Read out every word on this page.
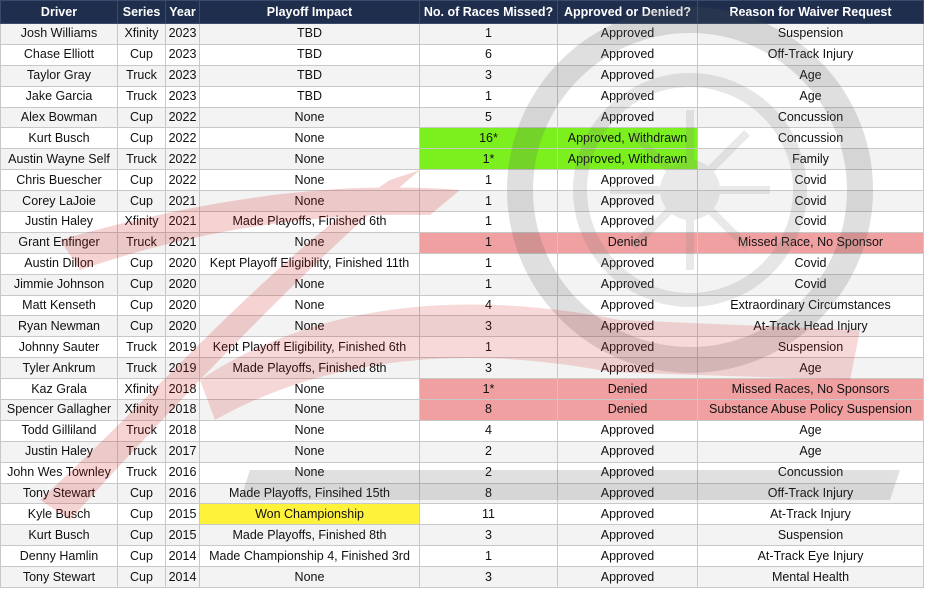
Driver	Series	Year	Playoff Impact	No. of Races Missed?	Approved or Denied?	Reason for Waiver Request
Josh Williams	Xfinity	2023	TBD	1	Approved	Suspension
Chase Elliott	Cup	2023	TBD	6	Approved	Off-Track Injury
Taylor Gray	Truck	2023	TBD	3	Approved	Age
Jake Garcia	Truck	2023	TBD	1	Approved	Age
Alex Bowman	Cup	2022	None	5	Approved	Concussion
Kurt Busch	Cup	2022	None	16*	Approved, Withdrawn	Concussion
Austin Wayne Self	Truck	2022	None	1*	Approved, Withdrawn	Family
Chris Buescher	Cup	2022	None	1	Approved	Covid
Corey LaJoie	Cup	2021	None	1	Approved	Covid
Justin Haley	Xfinity	2021	Made Playoffs, Finished 6th	1	Approved	Covid
Grant Enfinger	Truck	2021	None	1	Denied	Missed Race, No Sponsor
Austin Dillon	Cup	2020	Kept Playoff Eligibility, Finished 11th	1	Approved	Covid
Jimmie Johnson	Cup	2020	None	1	Approved	Covid
Matt Kenseth	Cup	2020	None	4	Approved	Extraordinary Circumstances
Ryan Newman	Cup	2020	None	3	Approved	At-Track Head Injury
Johnny Sauter	Truck	2019	Kept Playoff Eligibility, Finished 6th	1	Approved	Suspension
Tyler Ankrum	Truck	2019	Made Playoffs, Finished 8th	3	Approved	Age
Kaz Grala	Xfinity	2018	None	1*	Denied	Missed Races, No Sponsors
Spencer Gallagher	Xfinity	2018	None	8	Denied	Substance Abuse Policy Suspension
Todd Gilliland	Truck	2018	None	4	Approved	Age
Justin Haley	Truck	2017	None	2	Approved	Age
John Wes Townley	Truck	2016	None	2	Approved	Concussion
Tony Stewart	Cup	2016	Made Playoffs, Finsihed 15th	8	Approved	Off-Track Injury
Kyle Busch	Cup	2015	Won Championship	11	Approved	At-Track Injury
Kurt Busch	Cup	2015	Made Playoffs, Finished 8th	3	Approved	Suspension
Denny Hamlin	Cup	2014	Made Championship 4, Finished 3rd	1	Approved	At-Track Eye Injury
Tony Stewart	Cup	2014	None	3	Approved	Mental Health
